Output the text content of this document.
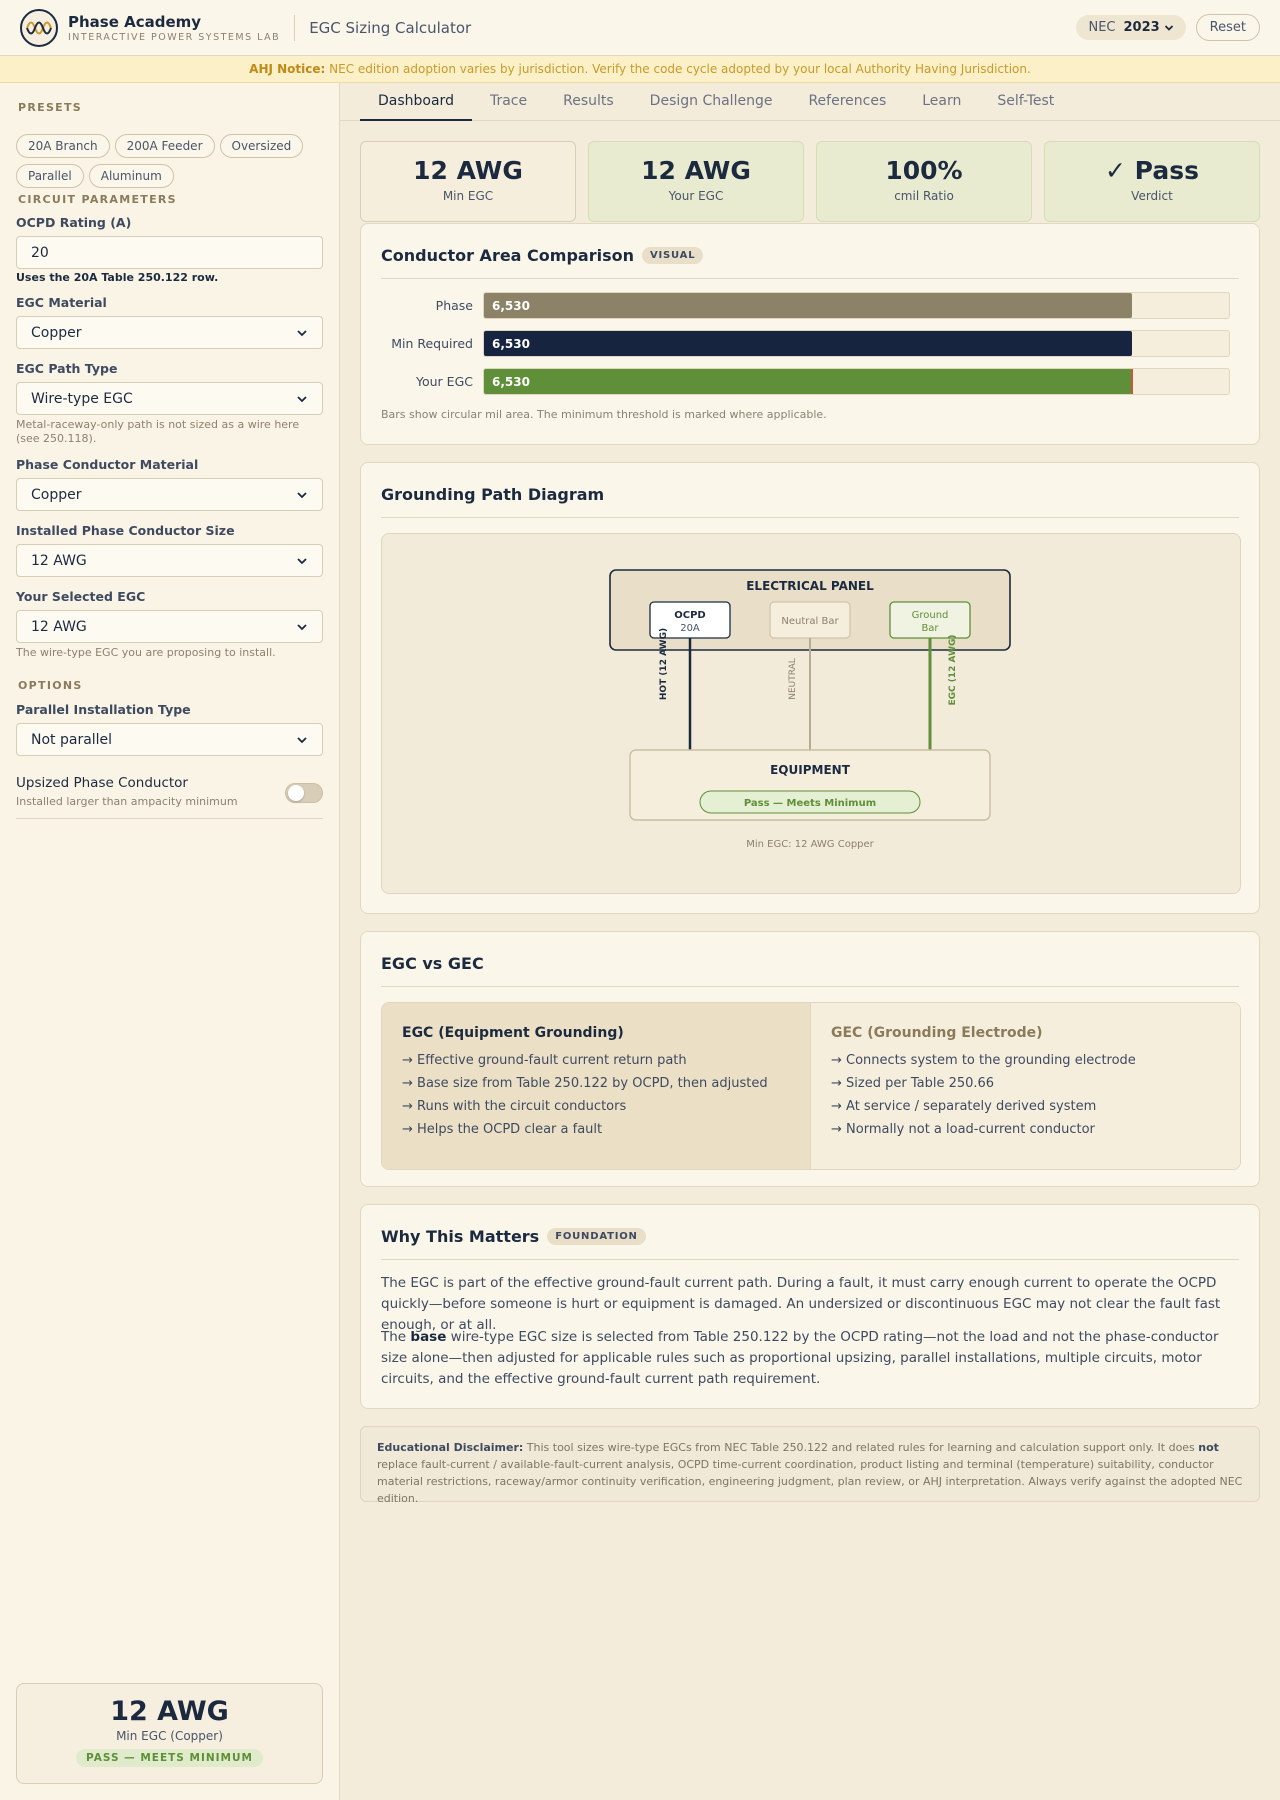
Phase Academy
INTERACTIVE POWER SYSTEMS LAB
EGC Sizing Calculator	NEC 2023	Reset
AHJ Notice: NEC edition adoption varies by jurisdiction. Verify the code cycle adopted by your local Authority Having Jurisdiction.
PRESETS
20A Branch	200A Feeder	Oversized
Parallel	Aluminum
CIRCUIT PARAMETERS
OCPD Rating (A)
20
Uses the 20A Table 250.122 row.
EGC Material
Copper
EGC Path Type
Wire-type EGC
Metal-raceway-only path is not sized as a wire here (see 250.118).
Phase Conductor Material
Copper
Installed Phase Conductor Size
12 AWG
Your Selected EGC
12 AWG
The wire-type EGC you are proposing to install.
OPTIONS
Parallel Installation Type
Not parallel
Upsized Phase Conductor
Installed larger than ampacity minimum
12 AWG
Min EGC (Copper)
PASS — MEETS MINIMUM
Dashboard	Trace	Results	Design Challenge	References	Learn	Self-Test
12 AWG
Min EGC
12 AWG
Your EGC
100%
cmil Ratio
✓ Pass
Verdict
Conductor Area Comparison	VISUAL
Phase	6,530
Min Required	6,530
Your EGC	6,530
Bars show circular mil area. The minimum threshold is marked where applicable.
Grounding Path Diagram
ELECTRICAL PANEL
OCPD
20A
Neutral Bar
Ground
Bar
HOT (12 AWG)	NEUTRAL	EGC (12 AWG)
EQUIPMENT
Pass — Meets Minimum
Min EGC: 12 AWG Copper
EGC vs GEC
EGC (Equipment Grounding)
→ Effective ground-fault current return path
→ Base size from Table 250.122 by OCPD, then adjusted
→ Runs with the circuit conductors
→ Helps the OCPD clear a fault
GEC (Grounding Electrode)
→ Connects system to the grounding electrode
→ Sized per Table 250.66
→ At service / separately derived system
→ Normally not a load-current conductor
Why This Matters	FOUNDATION
The EGC is part of the effective ground-fault current path. During a fault, it must carry enough current to operate the OCPD quickly—before someone is hurt or equipment is damaged. An undersized or discontinuous EGC may not clear the fault fast enough, or at all.
The base wire-type EGC size is selected from Table 250.122 by the OCPD rating—not the load and not the phase-conductor size alone—then adjusted for applicable rules such as proportional upsizing, parallel installations, multiple circuits, motor circuits, and the effective ground-fault current path requirement.
Educational Disclaimer: This tool sizes wire-type EGCs from NEC Table 250.122 and related rules for learning and calculation support only. It does not replace fault-current / available-fault-current analysis, OCPD time-current coordination, product listing and terminal (temperature) suitability, conductor material restrictions, raceway/armor continuity verification, engineering judgment, plan review, or AHJ interpretation. Always verify against the adopted NEC edition.
